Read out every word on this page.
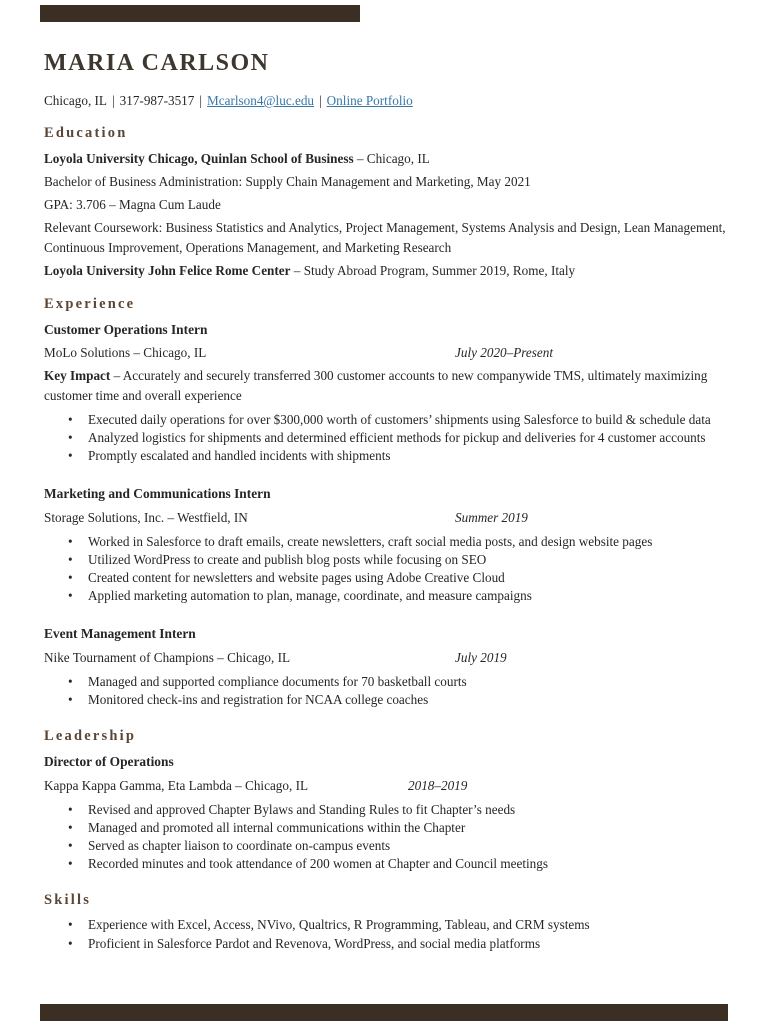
MARIA CARLSON

Chicago, IL | 317-987-3517 | Mcarlson4@luc.edu | Online Portfolio

Education

Loyola University Chicago, Quinlan School of Business – Chicago, IL

Bachelor of Business Administration: Supply Chain Management and Marketing, May 2021

GPA: 3.706 – Magna Cum Laude

Relevant Coursework: Business Statistics and Analytics, Project Management, Systems Analysis and Design, Lean Management, Continuous Improvement, Operations Management, and Marketing Research

Loyola University John Felice Rome Center – Study Abroad Program, Summer 2019, Rome, Italy

Experience

Customer Operations Intern

MoLo Solutions – Chicago, IL	July 2020–Present

Key Impact – Accurately and securely transferred 300 customer accounts to new companywide TMS, ultimately maximizing customer time and overall experience

• Executed daily operations for over $300,000 worth of customers’ shipments using Salesforce to build & schedule data
• Analyzed logistics for shipments and determined efficient methods for pickup and deliveries for 4 customer accounts
• Promptly escalated and handled incidents with shipments

Marketing and Communications Intern

Storage Solutions, Inc. – Westfield, IN	Summer 2019

• Worked in Salesforce to draft emails, create newsletters, craft social media posts, and design website pages
• Utilized WordPress to create and publish blog posts while focusing on SEO
• Created content for newsletters and website pages using Adobe Creative Cloud
• Applied marketing automation to plan, manage, coordinate, and measure campaigns

Event Management Intern

Nike Tournament of Champions – Chicago, IL	July 2019

• Managed and supported compliance documents for 70 basketball courts
• Monitored check-ins and registration for NCAA college coaches
Leadership

Director of Operations

Kappa Kappa Gamma, Eta Lambda – Chicago, IL	2018–2019

• Revised and approved Chapter Bylaws and Standing Rules to fit Chapter’s needs
• Managed and promoted all internal communications within the Chapter
• Served as chapter liaison to coordinate on-campus events
• Recorded minutes and took attendance of 200 women at Chapter and Council meetings
Skills
• Experience with Excel, Access, NVivo, Qualtrics, R Programming, Tableau, and CRM systems
• Proficient in Salesforce Pardot and Revenova, WordPress, and social media platforms
